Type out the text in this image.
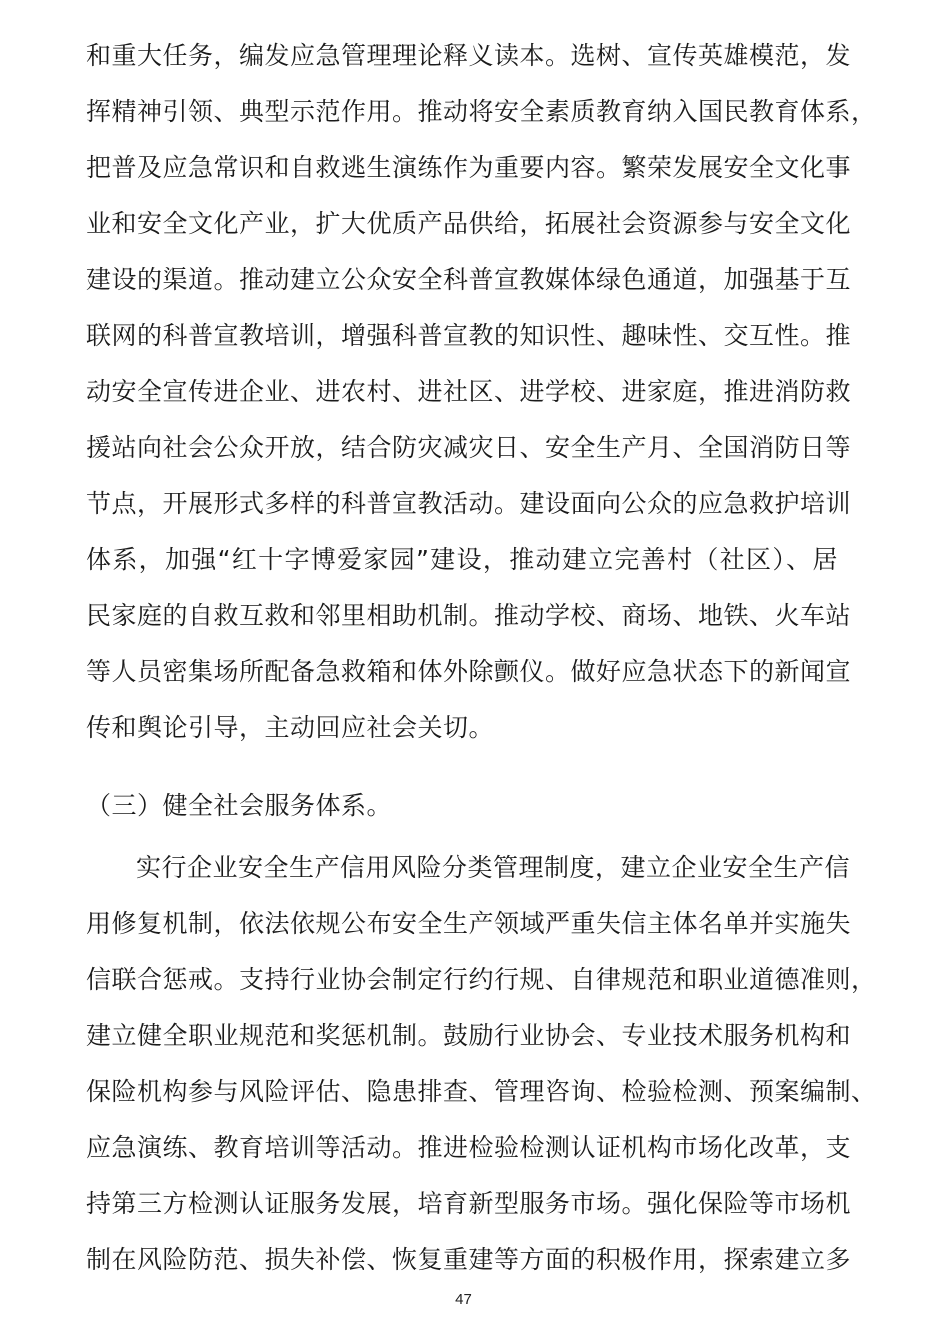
和重大任务，编发应急管理理论释义读本。选树、宣传英雄模范，发
挥精神引领、典型示范作用。推动将安全素质教育纳入国民教育体系，
把普及应急常识和自救逃生演练作为重要内容。繁荣发展安全文化事
业和安全文化产业，扩大优质产品供给，拓展社会资源参与安全文化
建设的渠道。推动建立公众安全科普宣教媒体绿色通道，加强基于互
联网的科普宣教培训，增强科普宣教的知识性、趣味性、交互性。推
动安全宣传进企业、进农村、进社区、进学校、进家庭，推进消防救
援站向社会公众开放，结合防灾减灾日、安全生产月、全国消防日等
节点，开展形式多样的科普宣教活动。建设面向公众的应急救护培训
体系，加强“红十字博爱家园”建设，推动建立完善村（社区）、居
民家庭的自救互救和邻里相助机制。推动学校、商场、地铁、火车站
等人员密集场所配备急救箱和体外除颤仪。做好应急状态下的新闻宣
传和舆论引导，主动回应社会关切。
（三）健全社会服务体系。
实行企业安全生产信用风险分类管理制度，建立企业安全生产信
用修复机制，依法依规公布安全生产领域严重失信主体名单并实施失
信联合惩戒。支持行业协会制定行约行规、自律规范和职业道德准则，
建立健全职业规范和奖惩机制。鼓励行业协会、专业技术服务机构和
保险机构参与风险评估、隐患排查、管理咨询、检验检测、预案编制、
应急演练、教育培训等活动。推进检验检测认证机构市场化改革，支
持第三方检测认证服务发展，培育新型服务市场。强化保险等市场机
制在风险防范、损失补偿、恢复重建等方面的积极作用，探索建立多
47
